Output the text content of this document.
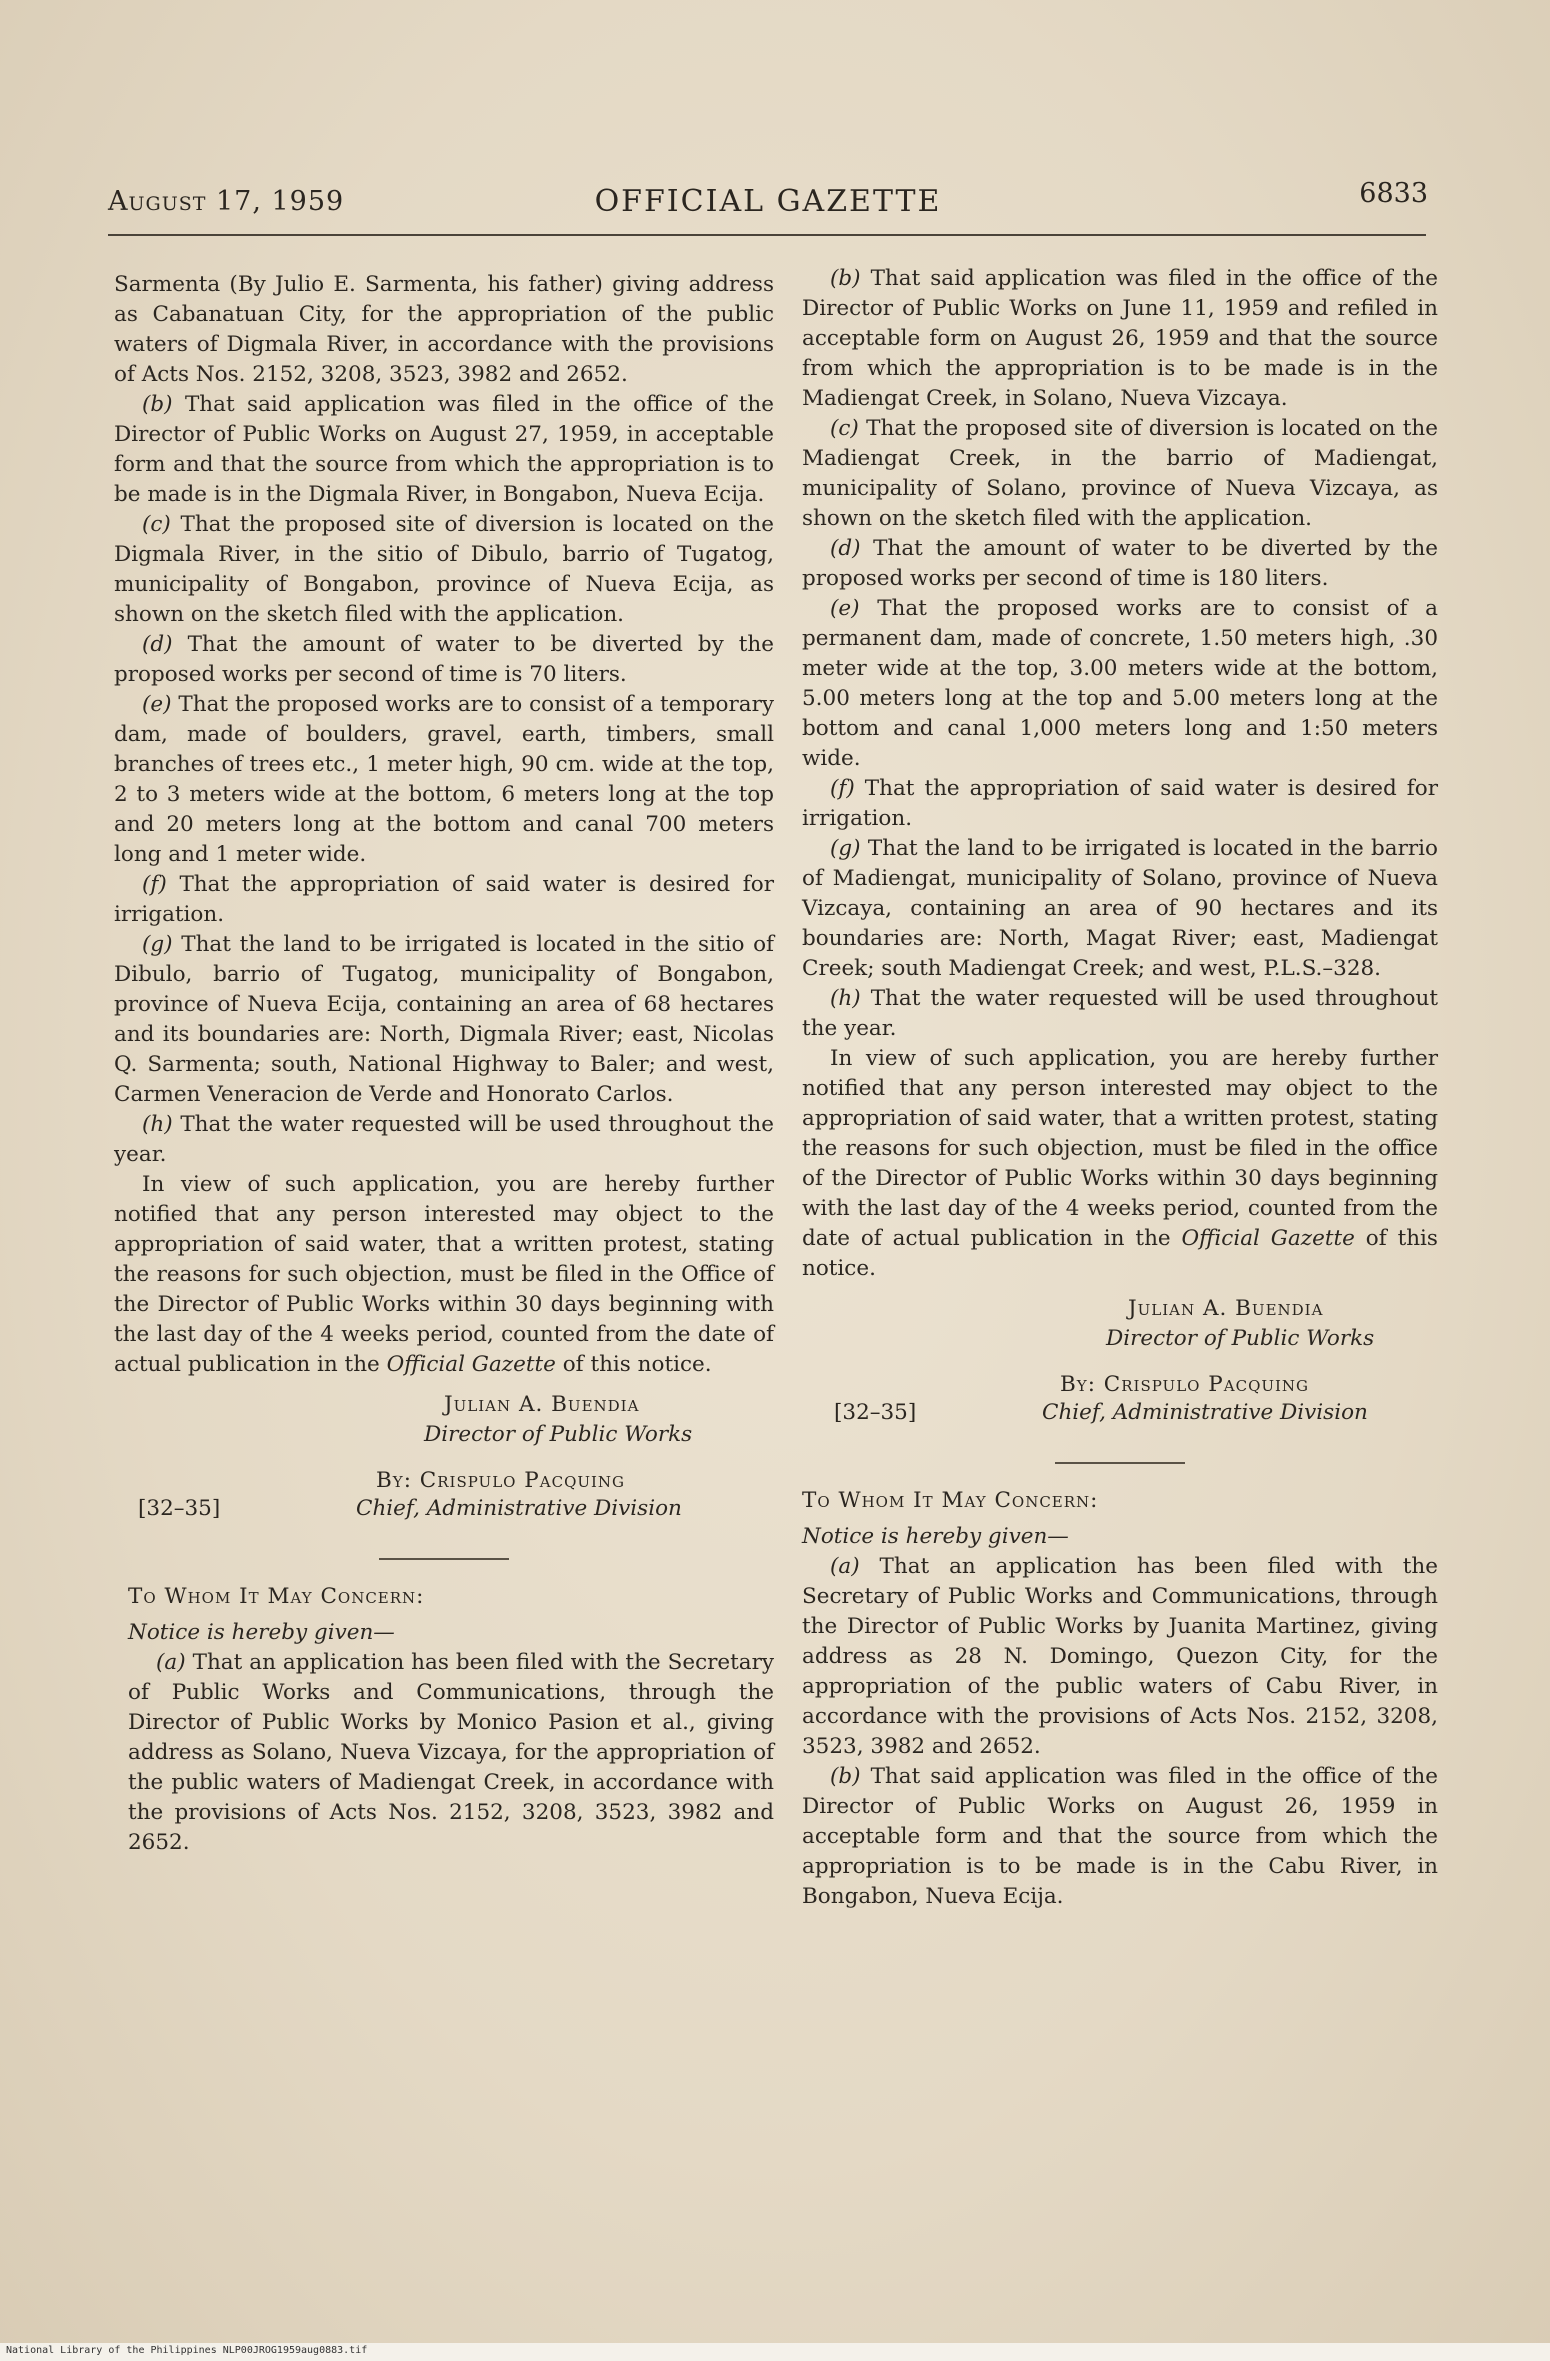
August 17, 1959	OFFICIAL GAZETTE	6833

Sarmenta (By Julio E. Sarmenta, his father) giving address as Cabanatuan City, for the appropriation of the public waters of Digmala River, in accordance with the provisions of Acts Nos. 2152, 3208, 3523, 3982 and 2652.

(b) That said application was filed in the office of the Director of Public Works on August 27, 1959, in acceptable form and that the source from which the appropriation is to be made is in the Digmala River, in Bongabon, Nueva Ecija.

(c) That the proposed site of diversion is located on the Digmala River, in the sitio of Dibulo, barrio of Tugatog, municipality of Bongabon, province of Nueva Ecija, as shown on the sketch filed with the application.

(d) That the amount of water to be diverted by the proposed works per second of time is 70 liters.

(e) That the proposed works are to consist of a temporary dam, made of boulders, gravel, earth, timbers, small branches of trees etc., 1 meter high, 90 cm. wide at the top, 2 to 3 meters wide at the bottom, 6 meters long at the top and 20 meters long at the bottom and canal 700 meters long and 1 meter wide.

(f) That the appropriation of said water is desired for irrigation.

(g) That the land to be irrigated is located in the sitio of Dibulo, barrio of Tugatog, municipality of Bongabon, province of Nueva Ecija, containing an area of 68 hectares and its boundaries are: North, Digmala River; east, Nicolas Q. Sarmenta; south, National Highway to Baler; and west, Carmen Veneracion de Verde and Honorato Carlos.

(h) That the water requested will be used throughout the year.

In view of such application, you are hereby further notified that any person interested may object to the appropriation of said water, that a written protest, stating the reasons for such objection, must be filed in the Office of the Director of Public Works within 30 days beginning with the last day of the 4 weeks period, counted from the date of actual publication in the Official Gazette of this notice.

Julian A. Buendia
Director of Public Works
By: Crispulo Pacquing
[32–35]	Chief, Administrative Division

To Whom It May Concern:

Notice is hereby given—

(a) That an application has been filed with the Secretary of Public Works and Communications, through the Director of Public Works by Monico Pasion et al., giving address as Solano, Nueva Vizcaya, for the appropriation of the public waters of Madiengat Creek, in accordance with the provisions of Acts Nos. 2152, 3208, 3523, 3982 and 2652.

(b) That said application was filed in the office of the Director of Public Works on June 11, 1959 and refiled in acceptable form on August 26, 1959 and that the source from which the appropriation is to be made is in the Madiengat Creek, in Solano, Nueva Vizcaya.

(c) That the proposed site of diversion is located on the Madiengat Creek, in the barrio of Madiengat, municipality of Solano, province of Nueva Vizcaya, as shown on the sketch filed with the application.

(d) That the amount of water to be diverted by the proposed works per second of time is 180 liters.

(e) That the proposed works are to consist of a permanent dam, made of concrete, 1.50 meters high, .30 meter wide at the top, 3.00 meters wide at the bottom, 5.00 meters long at the top and 5.00 meters long at the bottom and canal 1,000 meters long and 1:50 meters wide.

(f) That the appropriation of said water is desired for irrigation.

(g) That the land to be irrigated is located in the barrio of Madiengat, municipality of Solano, province of Nueva Vizcaya, containing an area of 90 hectares and its boundaries are: North, Magat River; east, Madiengat Creek; south Madiengat Creek; and west, P.L.S.–328.

(h) That the water requested will be used throughout the year.

In view of such application, you are hereby further notified that any person interested may object to the appropriation of said water, that a written protest, stating the reasons for such objection, must be filed in the office of the Director of Public Works within 30 days beginning with the last day of the 4 weeks period, counted from the date of actual publication in the Official Gazette of this notice.

Julian A. Buendia
Director of Public Works
By: Crispulo Pacquing
[32–35]	Chief, Administrative Division

To Whom It May Concern:

Notice is hereby given—

(a) That an application has been filed with the Secretary of Public Works and Communications, through the Director of Public Works by Juanita Martinez, giving address as 28 N. Domingo, Quezon City, for the appropriation of the public waters of Cabu River, in accordance with the provisions of Acts Nos. 2152, 3208, 3523, 3982 and 2652.

(b) That said application was filed in the office of the Director of Public Works on August 26, 1959 in acceptable form and that the source from which the appropriation is to be made is in the Cabu River, in Bongabon, Nueva Ecija.

National Library of the Philippines NLP00JROG1959aug0883.tif
